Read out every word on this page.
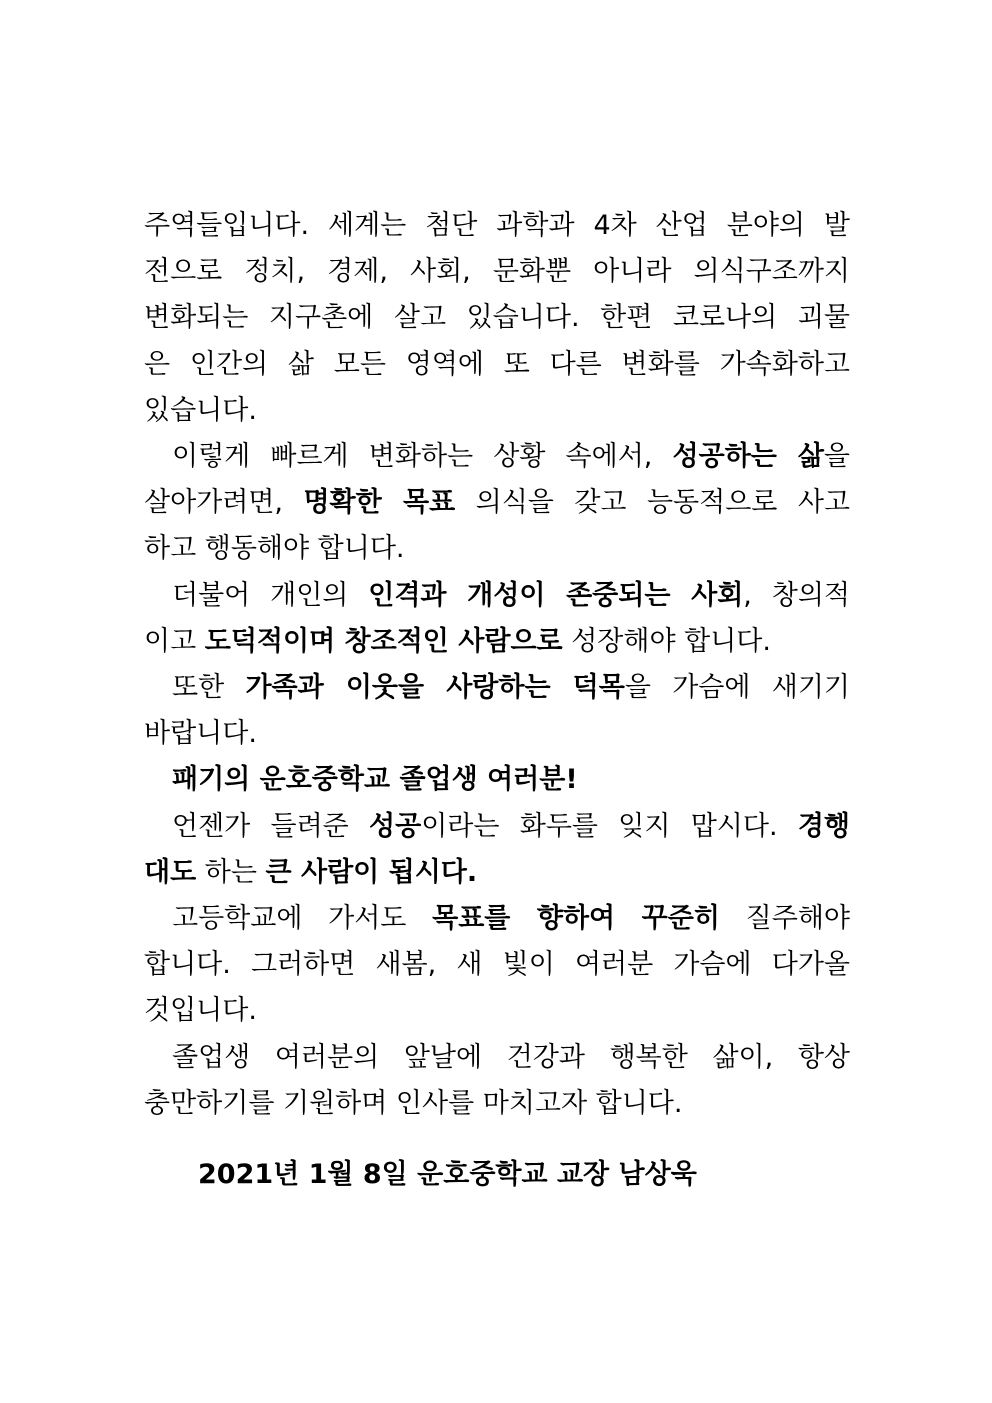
주역들입니다. 세계는 첨단 과학과 4차 산업 분야의 발
전으로 정치, 경제, 사회, 문화뿐 아니라 의식구조까지
변화되는 지구촌에 살고 있습니다. 한편 코로나의 괴물
은 인간의 삶 모든 영역에 또 다른 변화를 가속화하고
있습니다.
이렇게 빠르게 변화하는 상황 속에서, 성공하는 삶을
살아가려면, 명확한 목표 의식을 갖고 능동적으로 사고
하고 행동해야 합니다.
더불어 개인의 인격과 개성이 존중되는 사회, 창의적
이고 도덕적이며 창조적인 사람으로 성장해야 합니다.
또한 가족과 이웃을 사랑하는 덕목을 가슴에 새기기
바랍니다.
패기의 운호중학교 졸업생 여러분!
언젠가 들려준 성공이라는 화두를 잊지 맙시다. 경행
대도 하는 큰 사람이 됩시다.
고등학교에 가서도 목표를 향하여 꾸준히 질주해야
합니다. 그러하면 새봄, 새 빛이 여러분 가슴에 다가올
것입니다.
졸업생 여러분의 앞날에 건강과 행복한 삶이, 항상
충만하기를 기원하며 인사를 마치고자 합니다.
2021년 1월 8일 운호중학교 교장 남상욱
